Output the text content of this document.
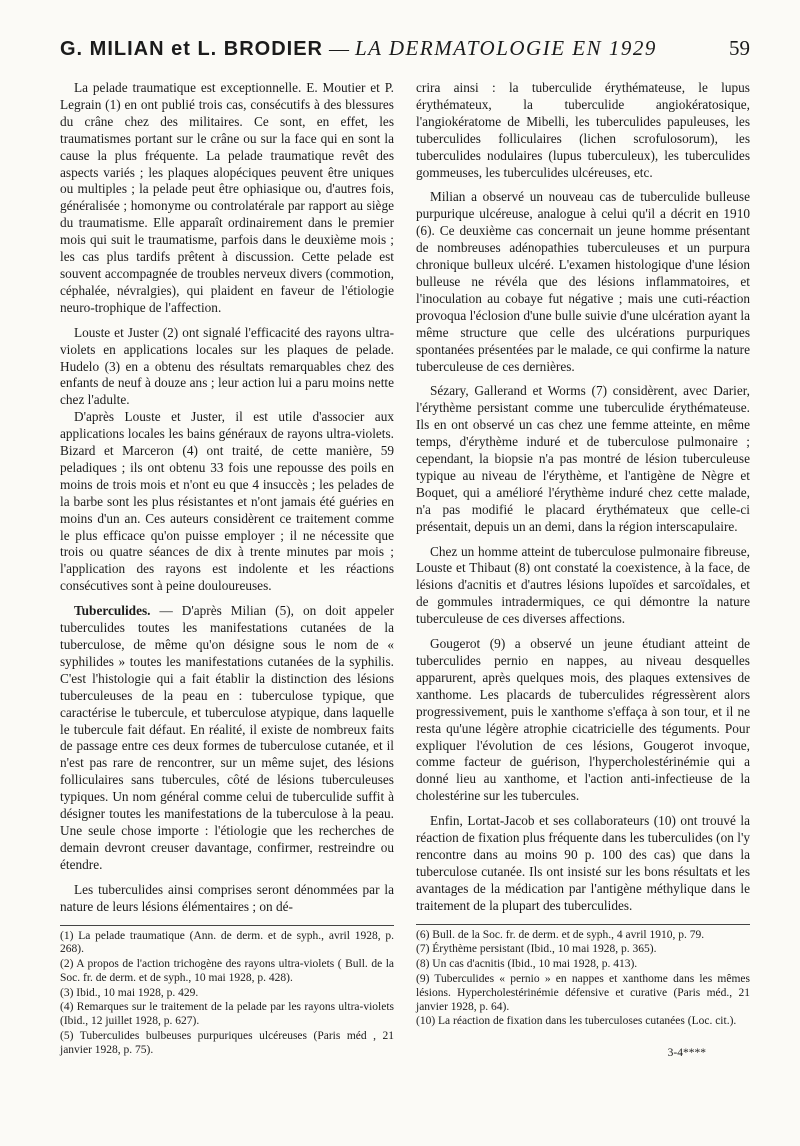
G. MILIAN et L. BRODIER — LA DERMATOLOGIE EN 1929	59

La pelade traumatique est exceptionnelle. E. Moutier et P. Legrain (1) en ont publié trois cas, consécutifs à des blessures du crâne chez des militaires. Ce sont, en effet, les traumatismes portant sur le crâne ou sur la face qui en sont la cause la plus fréquente. La pelade traumatique revêt des aspects variés ; les plaques alopéciques peuvent être uniques ou multiples ; la pelade peut être ophiasique ou, d'autres fois, généralisée ; homonyme ou controlatérale par rapport au siège du traumatisme. Elle apparaît ordinairement dans le premier mois qui suit le traumatisme, parfois dans le deuxième mois ; les cas plus tardifs prêtent à discussion. Cette pelade est souvent accompagnée de troubles nerveux divers (commotion, céphalée, névralgies), qui plaident en faveur de l'étiologie neuro-trophique de l'affection.

Louste et Juster (2) ont signalé l'efficacité des rayons ultra-violets en applications locales sur les plaques de pelade. Hudelo (3) en a obtenu des résultats remarquables chez des enfants de neuf à douze ans ; leur action lui a paru moins nette chez l'adulte.

D'après Louste et Juster, il est utile d'associer aux applications locales les bains généraux de rayons ultra-violets. Bizard et Marceron (4) ont traité, de cette manière, 59 peladiques ; ils ont obtenu 33 fois une repousse des poils en moins de trois mois et n'ont eu que 4 insuccès ; les pelades de la barbe sont les plus résistantes et n'ont jamais été guéries en moins d'un an. Ces auteurs considèrent ce traitement comme le plus efficace qu'on puisse employer ; il ne nécessite que trois ou quatre séances de dix à trente minutes par mois ; l'application des rayons est indolente et les réactions consécutives sont à peine douloureuses.

Tuberculides. — D'après Milian (5), on doit appeler tuberculides toutes les manifestations cutanées de la tuberculose, de même qu'on désigne sous le nom de « syphilides » toutes les manifestations cutanées de la syphilis. C'est l'histologie qui a fait établir la distinction des lésions tuberculeuses de la peau en : tuberculose typique, que caractérise le tubercule, et tuberculose atypique, dans laquelle le tubercule fait défaut. En réalité, il existe de nombreux faits de passage entre ces deux formes de tuberculose cutanée, et il n'est pas rare de rencontrer, sur un même sujet, des lésions folliculaires sans tubercules, côté de lésions tuberculeuses typiques. Un nom général comme celui de tuberculide suffit à désigner toutes les manifestations de la tuberculose à la peau. Une seule chose importe : l'étiologie que les recherches de demain devront creuser davantage, confirmer, restreindre ou étendre.

Les tuberculides ainsi comprises seront dénommées par la nature de leurs lésions élémentaires ; on dé-

(1) La pelade traumatique (Ann. de derm. et de syph., avril 1928, p. 268).
(2) A propos de l'action trichogène des rayons ultra-violets ( Bull. de la Soc. fr. de derm. et de syph., 10 mai 1928, p. 428).
(3) Ibid., 10 mai 1928, p. 429.
(4) Remarques sur le traitement de la pelade par les rayons ultra-violets (Ibid., 12 juillet 1928, p. 627).
(5) Tuberculides bulbeuses purpuriques ulcéreuses (Paris méd , 21 janvier 1928, p. 75).

crira ainsi : la tuberculide érythémateuse, le lupus érythémateux, la tuberculide angiokératosique, l'angiokératome de Mibelli, les tuberculides papuleuses, les tuberculides folliculaires (lichen scrofulosorum), les tuberculides nodulaires (lupus tuberculeux), les tuberculides gommeuses, les tuberculides ulcéreuses, etc.

Milian a observé un nouveau cas de tuberculide bulleuse purpurique ulcéreuse, analogue à celui qu'il a décrit en 1910 (6). Ce deuxième cas concernait un jeune homme présentant de nombreuses adénopathies tuberculeuses et un purpura chronique bulleux ulcéré. L'examen histologique d'une lésion bulleuse ne révéla que des lésions inflammatoires, et l'inoculation au cobaye fut négative ; mais une cuti-réaction provoqua l'éclosion d'une bulle suivie d'une ulcération ayant la même structure que celle des ulcérations purpuriques spontanées présentées par le malade, ce qui confirme la nature tuberculeuse de ces dernières.

Sézary, Gallerand et Worms (7) considèrent, avec Darier, l'érythème persistant comme une tuberculide érythémateuse. Ils en ont observé un cas chez une femme atteinte, en même temps, d'érythème induré et de tuberculose pulmonaire ; cependant, la biopsie n'a pas montré de lésion tuberculeuse typique au niveau de l'érythème, et l'antigène de Nègre et Boquet, qui a amélioré l'érythème induré chez cette malade, n'a pas modifié le placard érythémateux que celle-ci présentait, depuis un an demi, dans la région interscapulaire.

Chez un homme atteint de tuberculose pulmonaire fibreuse, Louste et Thibaut (8) ont constaté la coexistence, à la face, de lésions d'acnitis et d'autres lésions lupoïdes et sarcoïdales, et de gommules intradermiques, ce qui démontre la nature tuberculeuse de ces diverses affections.

Gougerot (9) a observé un jeune étudiant atteint de tuberculides pernio en nappes, au niveau desquelles apparurent, après quelques mois, des plaques extensives de xanthome. Les placards de tuberculides régressèrent alors progressivement, puis le xanthome s'effaça à son tour, et il ne resta qu'une légère atrophie cicatricielle des téguments. Pour expliquer l'évolution de ces lésions, Gougerot invoque, comme facteur de guérison, l'hypercholestérinémie qui a donné lieu au xanthome, et l'action anti-infectieuse de la cholestérine sur les tubercules.

Enfin, Lortat-Jacob et ses collaborateurs (10) ont trouvé la réaction de fixation plus fréquente dans les tuberculides (on l'y rencontre dans au moins 90 p. 100 des cas) que dans la tuberculose cutanée. Ils ont insisté sur les bons résultats et les avantages de la médication par l'antigène méthylique dans le traitement de la plupart des tuberculides.

(6) Bull. de la Soc. fr. de derm. et de syph., 4 avril 1910, p. 79.
(7) Érythème persistant (Ibid., 10 mai 1928, p. 365).
(8) Un cas d'acnitis (Ibid., 10 mai 1928, p. 413).
(9) Tuberculides « pernio » en nappes et xanthome dans les mêmes lésions. Hypercholestérinémie défensive et curative (Paris méd., 21 janvier 1928, p. 64).
(10) La réaction de fixation dans les tuberculoses cutanées (Loc. cit.).
3-4****
